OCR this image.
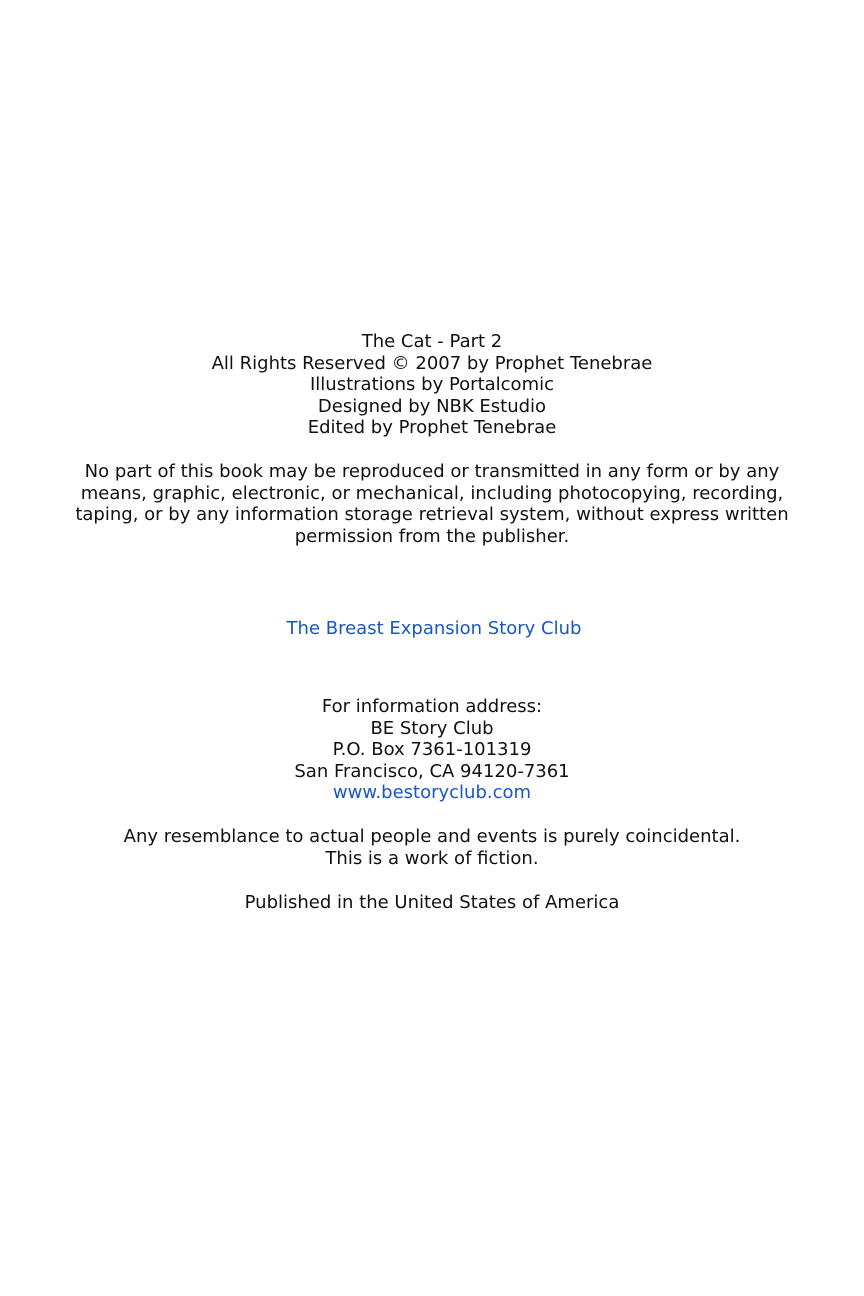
The Cat - Part 2
All Rights Reserved © 2007 by Prophet Tenebrae
Illustrations by Portalcomic
Designed by NBK Estudio
Edited by Prophet Tenebrae
No part of this book may be reproduced or transmitted in any form or by any means, graphic, electronic, or mechanical, including photocopying, recording, taping, or by any information storage retrieval system, without express written permission from the publisher.
The Breast Expansion Story Club
For information address:
BE Story Club
P.O. Box 7361-101319
San Francisco, CA 94120-7361
www.bestoryclub.com
Any resemblance to actual people and events is purely coincidental.
This is a work of fiction.
Published in the United States of America
